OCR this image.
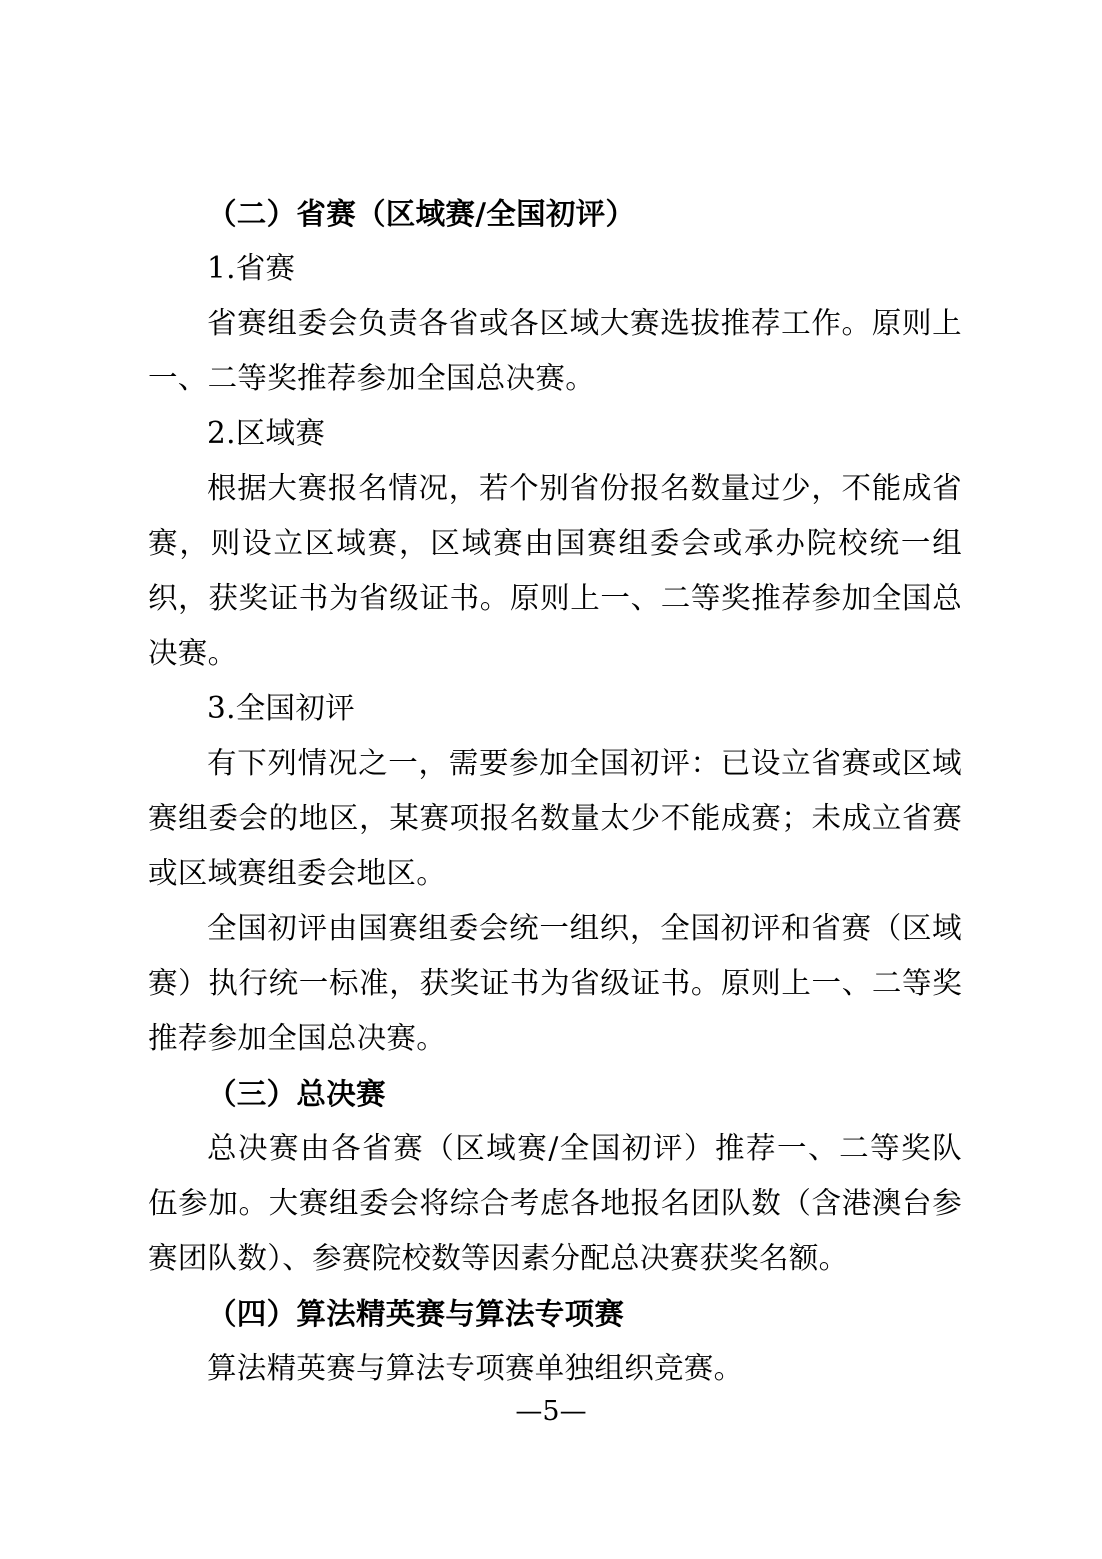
（二）省赛（区域赛/全国初评）

1.省赛

省赛组委会负责各省或各区域大赛选拔推荐工作。原则上一、二等奖推荐参加全国总决赛。

2.区域赛

根据大赛报名情况，若个别省份报名数量过少，不能成省赛，则设立区域赛，区域赛由国赛组委会或承办院校统一组织，获奖证书为省级证书。原则上一、二等奖推荐参加全国总决赛。

3.全国初评

有下列情况之一，需要参加全国初评：已设立省赛或区域赛组委会的地区，某赛项报名数量太少不能成赛；未成立省赛或区域赛组委会地区。

全国初评由国赛组委会统一组织，全国初评和省赛（区域赛）执行统一标准，获奖证书为省级证书。原则上一、二等奖推荐参加全国总决赛。

（三）总决赛

总决赛由各省赛（区域赛/全国初评）推荐一、二等奖队伍参加。大赛组委会将综合考虑各地报名团队数（含港澳台参赛团队数）、参赛院校数等因素分配总决赛获奖名额。

（四）算法精英赛与算法专项赛

算法精英赛与算法专项赛单独组织竞赛。

—5—
